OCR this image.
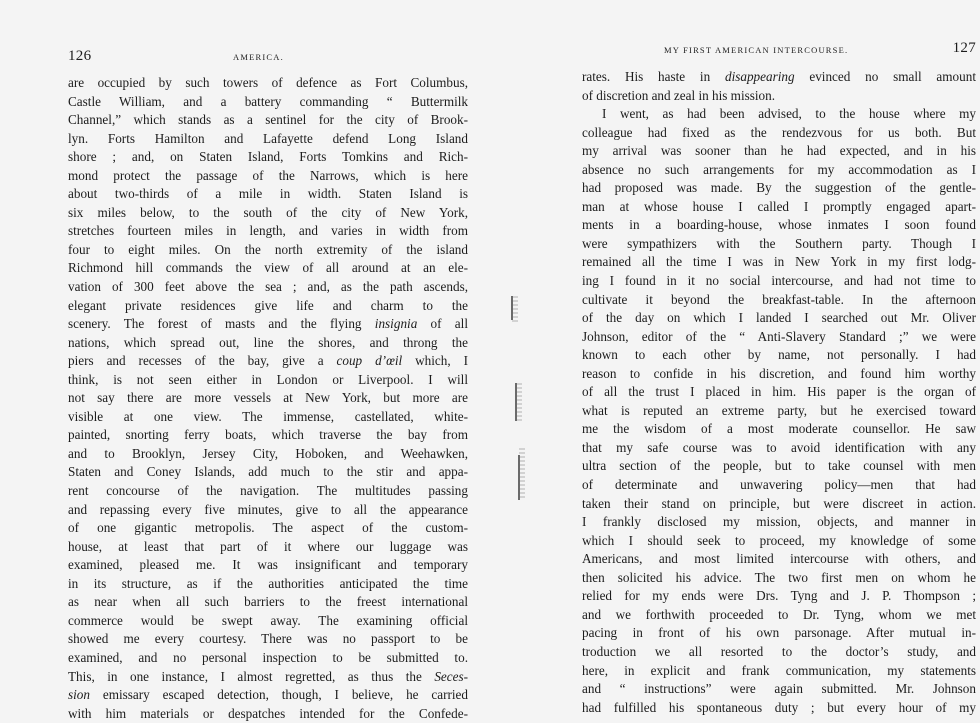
126	AMERICA.
are occupied by such towers of defence as Fort Columbus,
Castle William, and a battery commanding “ Buttermilk
Channel,” which stands as a sentinel for the city of Brook-
lyn. Forts Hamilton and Lafayette defend Long Island
shore ; and, on Staten Island, Forts Tomkins and Rich-
mond protect the passage of the Narrows, which is here
about two-thirds of a mile in width. Staten Island is
six miles below, to the south of the city of New York,
stretches fourteen miles in length, and varies in width from
four to eight miles. On the north extremity of the island
Richmond hill commands the view of all around at an ele-
vation of 300 feet above the sea ; and, as the path ascends,
elegant private residences give life and charm to the
scenery. The forest of masts and the flying insignia of all
nations, which spread out, line the shores, and throng the
piers and recesses of the bay, give a coup d’œil which, I
think, is not seen either in London or Liverpool. I will
not say there are more vessels at New York, but more are
visible at one view. The immense, castellated, white-
painted, snorting ferry boats, which traverse the bay from
and to Brooklyn, Jersey City, Hoboken, and Weehawken,
Staten and Coney Islands, add much to the stir and appa-
rent concourse of the navigation. The multitudes passing
and repassing every five minutes, give to all the appearance
of one gigantic metropolis. The aspect of the custom-
house, at least that part of it where our luggage was
examined, pleased me. It was insignificant and temporary
in its structure, as if the authorities anticipated the time
as near when all such barriers to the freest international
commerce would be swept away. The examining official
showed me every courtesy. There was no passport to be
examined, and no personal inspection to be submitted to.
This, in one instance, I almost regretted, as thus the Seces-
sion emissary escaped detection, though, I believe, he carried
with him materials or despatches intended for the Confede-
MY FIRST AMERICAN INTERCOURSE.	127
rates. His haste in disappearing evinced no small amount
of discretion and zeal in his mission.
I went, as had been advised, to the house where my
colleague had fixed as the rendezvous for us both. But
my arrival was sooner than he had expected, and in his
absence no such arrangements for my accommodation as I
had proposed was made. By the suggestion of the gentle-
man at whose house I called I promptly engaged apart-
ments in a boarding-house, whose inmates I soon found
were sympathizers with the Southern party. Though I
remained all the time I was in New York in my first lodg-
ing I found in it no social intercourse, and had not time to
cultivate it beyond the breakfast-table. In the afternoon
of the day on which I landed I searched out Mr. Oliver
Johnson, editor of the “ Anti-Slavery Standard ;” we were
known to each other by name, not personally. I had
reason to confide in his discretion, and found him worthy
of all the trust I placed in him. His paper is the organ of
what is reputed an extreme party, but he exercised toward
me the wisdom of a most moderate counsellor. He saw
that my safe course was to avoid identification with any
ultra section of the people, but to take counsel with men
of determinate and unwavering policy—men that had
taken their stand on principle, but were discreet in action.
I frankly disclosed my mission, objects, and manner in
which I should seek to proceed, my knowledge of some
Americans, and most limited intercourse with others, and
then solicited his advice. The two first men on whom he
relied for my ends were Drs. Tyng and J. P. Thompson ;
and we forthwith proceeded to Dr. Tyng, whom we met
pacing in front of his own parsonage. After mutual in-
troduction we all resorted to the doctor’s study, and
here, in explicit and frank communication, my statements
and “ instructions” were again submitted. Mr. Johnson
had fulfilled his spontaneous duty ; but every hour of my
